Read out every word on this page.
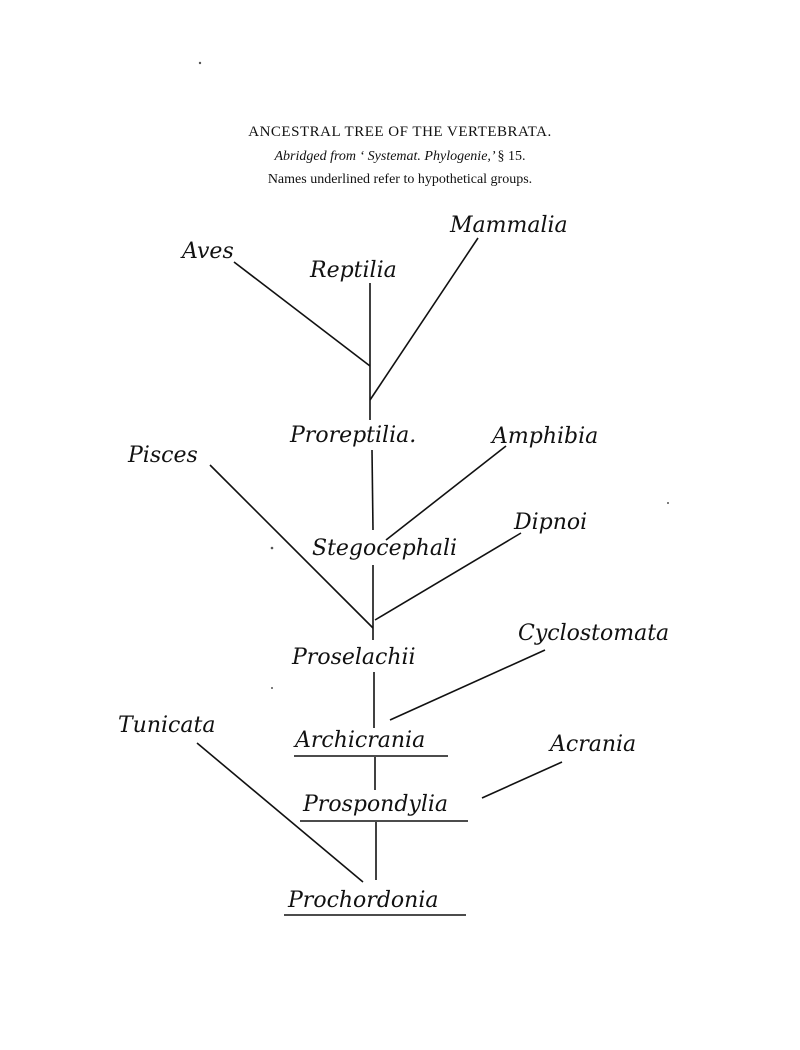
ANCESTRAL TREE OF THE VERTEBRATA.
Abridged from ‘ Systemat. Phylogenie,’ § 15.
Names underlined refer to hypothetical groups.
Mammalia
Aves
Reptilia
Proreptilia.	Amphibia
Pisces
Dipnoi
Stegocephali
Cyclostomata
Proselachii
Tunicata
Archicrania	Acrania
Prospondylia
Prochordonia
